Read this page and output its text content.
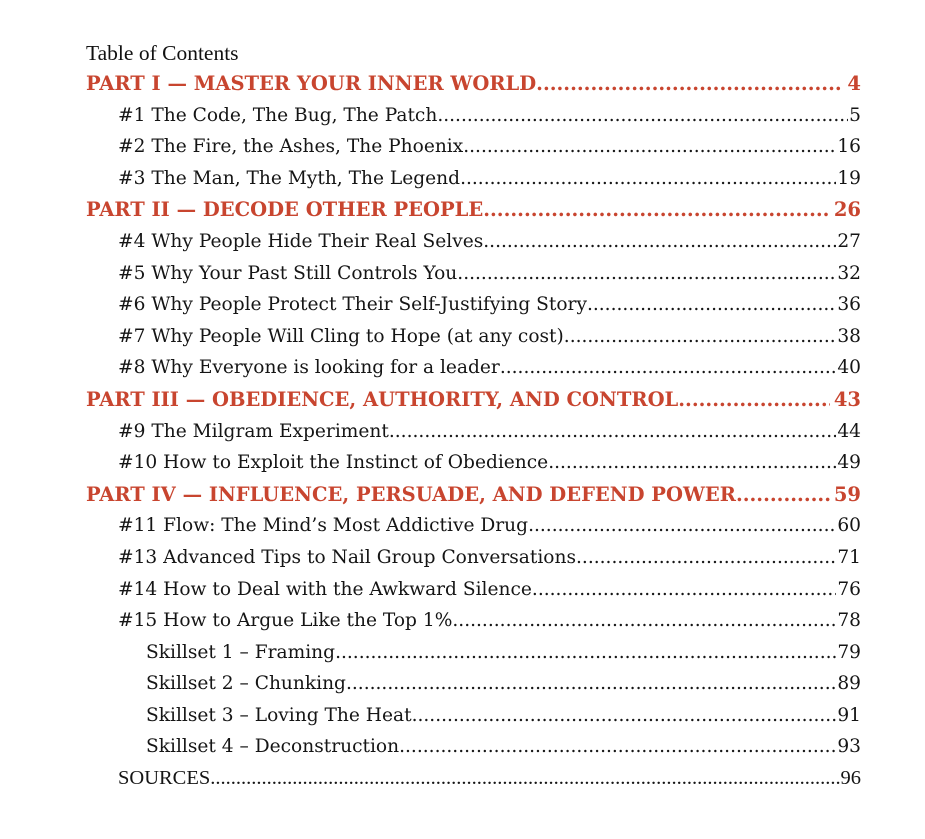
Table of Contents
PART I — MASTER YOUR INNER WORLD .....	4
#1 The Code, The Bug, The Patch .....	5
#2 The Fire, the Ashes, The Phoenix .....	16
#3 The Man, The Myth, The Legend .....	19
PART II — DECODE OTHER PEOPLE .....	26
#4 Why People Hide Their Real Selves .....	27
#5 Why Your Past Still Controls You .....	32
#6 Why People Protect Their Self-Justifying Story .....	36
#7 Why People Will Cling to Hope (at any cost) .....	38
#8 Why Everyone is looking for a leader .....	40
PART III — OBEDIENCE, AUTHORITY, AND CONTROL .....	43
#9 The Milgram Experiment .....	44
#10 How to Exploit the Instinct of Obedience .....	49
PART IV — INFLUENCE, PERSUADE, AND DEFEND POWER .....	59
#11 Flow: The Mind’s Most Addictive Drug .....	60
#13 Advanced Tips to Nail Group Conversations .....	71
#14 How to Deal with the Awkward Silence .....	76
#15 How to Argue Like the Top 1% .....	78
Skillset 1 – Framing .....	79
Skillset 2 – Chunking .....	89
Skillset 3 – Loving The Heat .....	91
Skillset 4 – Deconstruction .....	93
SOURCES .....	96
